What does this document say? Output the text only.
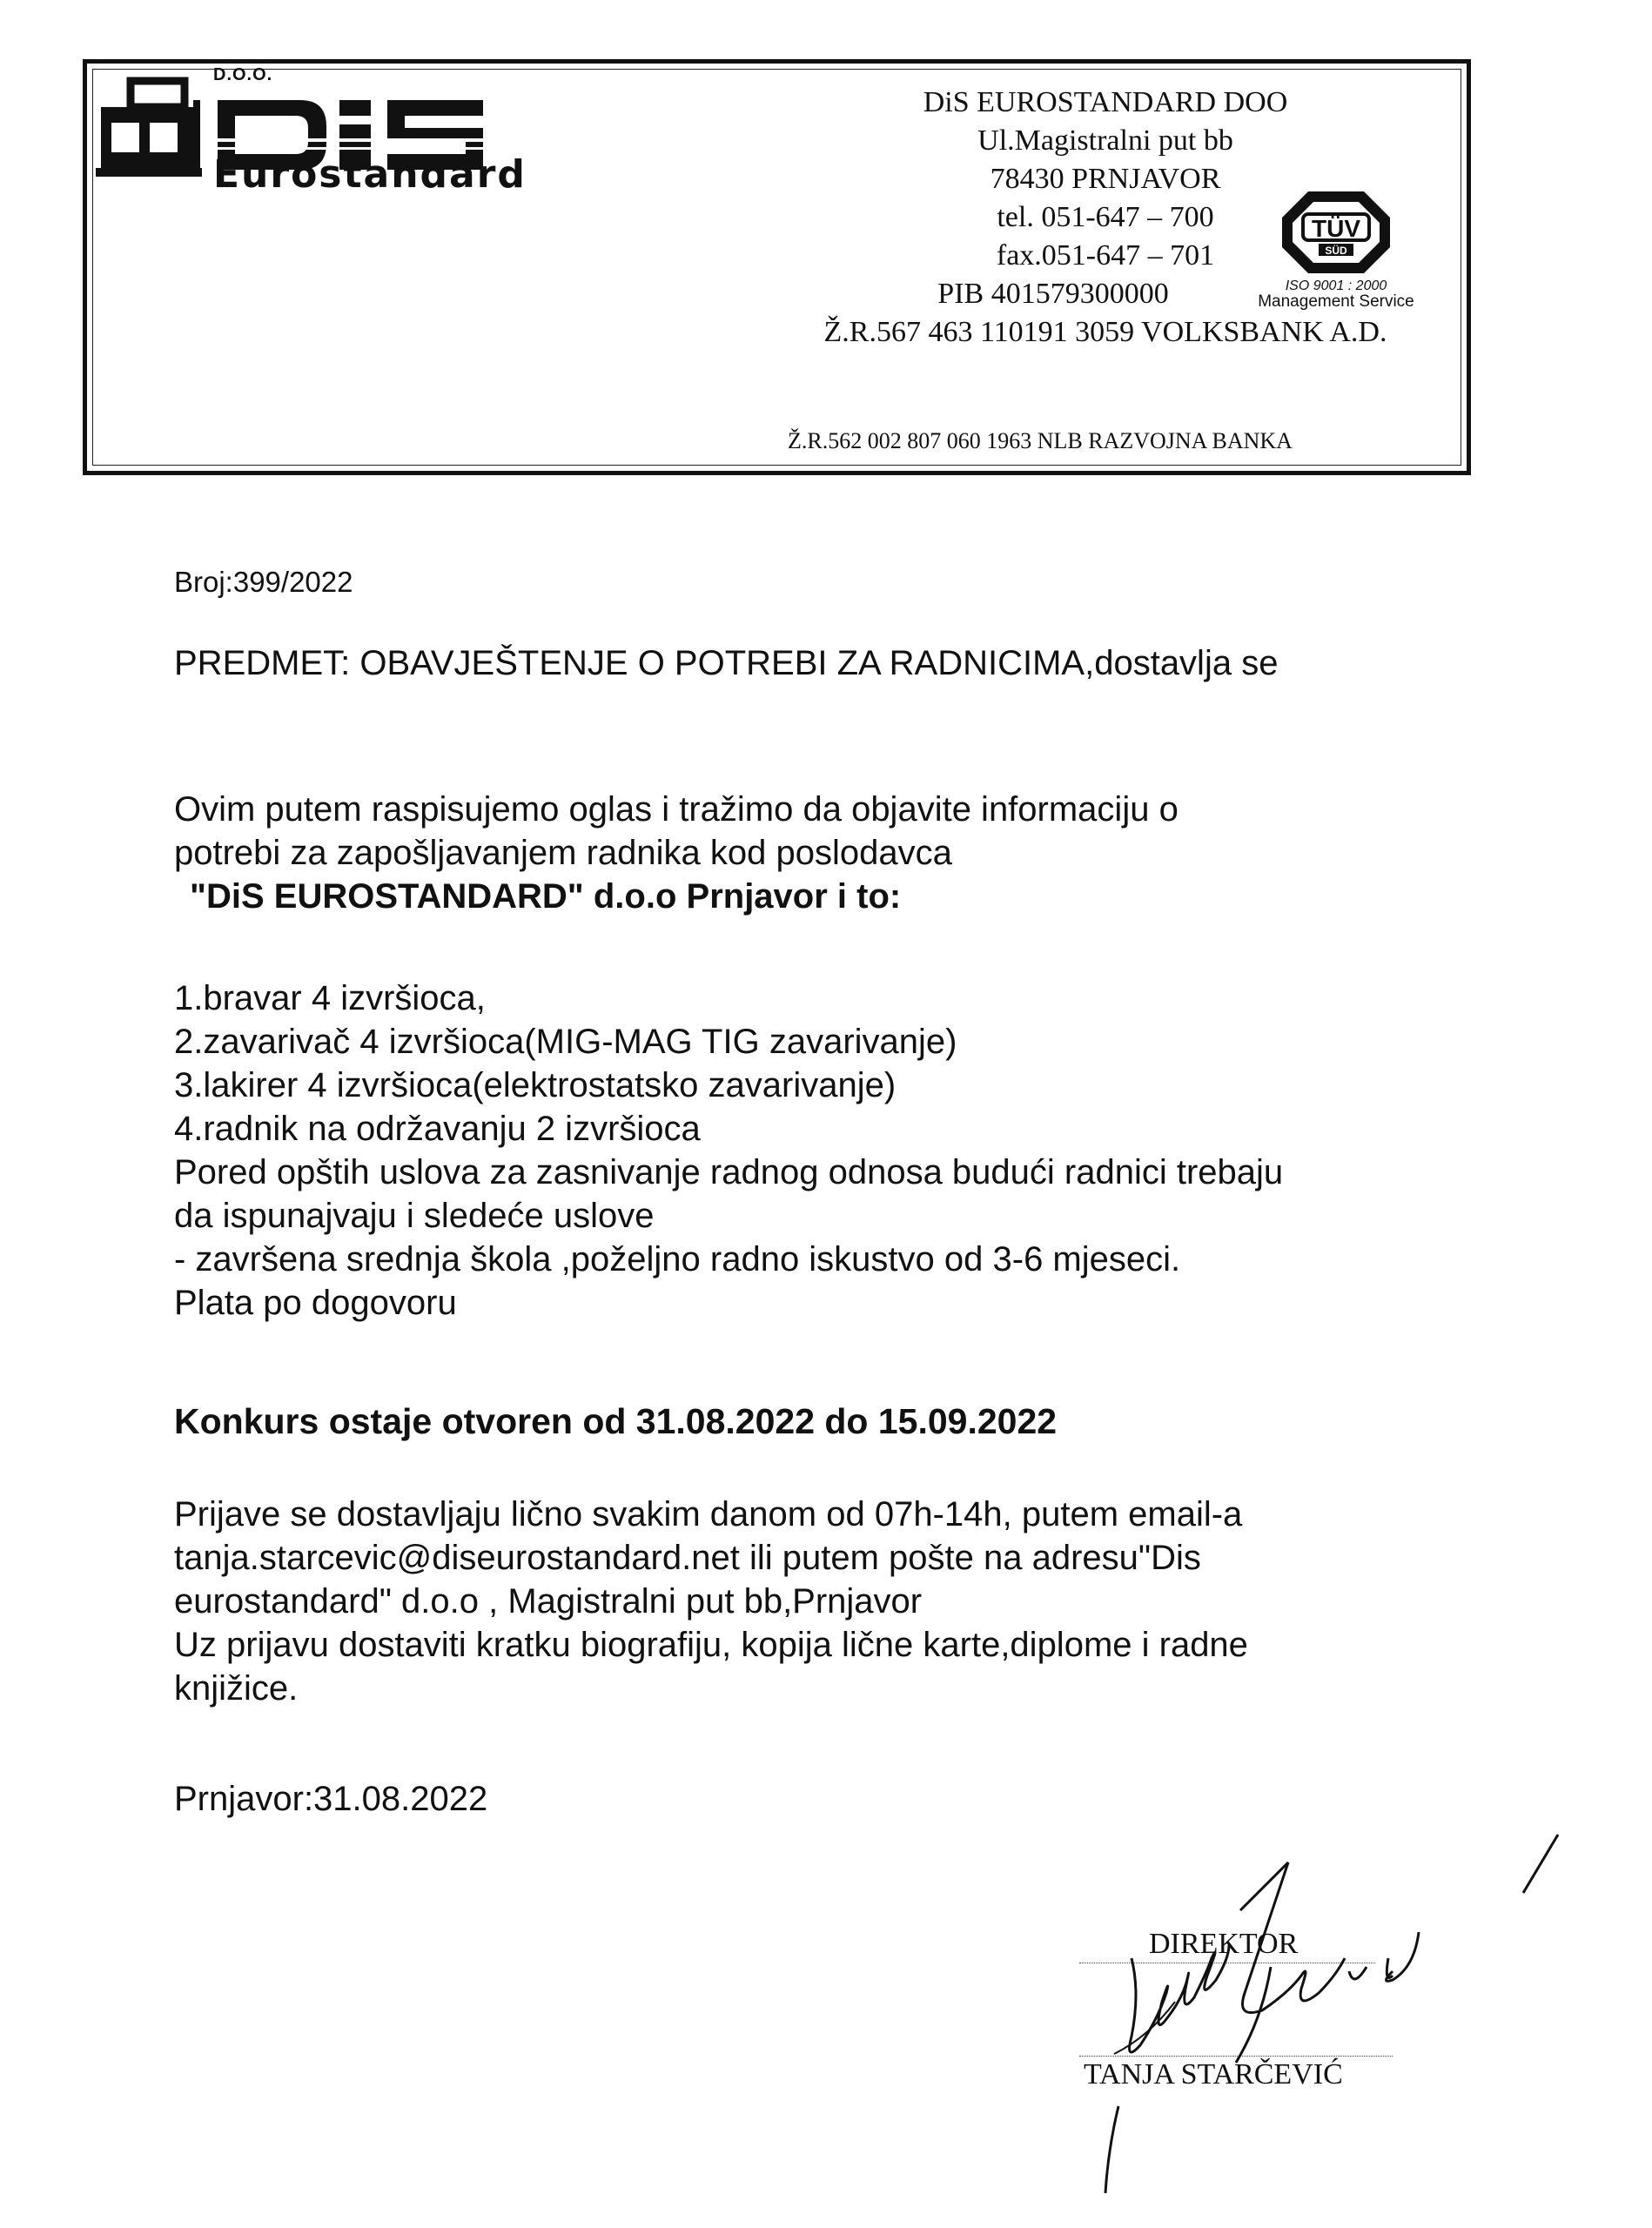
D.O.O.
Eurostandard
DiS EUROSTANDARD DOO
Ul.Magistralni put bb
78430 PRNJAVOR
tel. 051-647 – 700
fax.051-647 – 701
PIB 401579300000
Ž.R.567 463 110191 3059 VOLKSBANK A.D.
Ž.R.562 002 807 060 1963 NLB RAZVOJNA BANKA
TÜV
SÜD
ISO 9001 : 2000
Management Service
Broj:399/2022
PREDMET: OBAVJEŠTENJE O POTREBI ZA RADNICIMA,dostavlja se
Ovim putem raspisujemo oglas i tražimo da objavite informaciju o
potrebi za zapošljavanjem radnika kod poslodavca
"DiS EUROSTANDARD" d.o.o Prnjavor i to:
1.bravar 4 izvršioca,
2.zavarivač 4 izvršioca(MIG-MAG TIG zavarivanje)
3.lakirer 4 izvršioca(elektrostatsko zavarivanje)
4.radnik na održavanju 2 izvršioca
Pored opštih uslova za zasnivanje radnog odnosa budući radnici trebaju
da ispunajvaju i sledeće uslove
- završena srednja škola ,poželjno radno iskustvo od 3-6 mjeseci.
Plata po dogovoru
Konkurs ostaje otvoren od 31.08.2022 do 15.09.2022
Prijave se dostavljaju lično svakim danom od 07h-14h, putem email-a
tanja.starcevic@diseurostandard.net ili putem pošte na adresu"Dis
eurostandard" d.o.o , Magistralni put bb,Prnjavor
Uz prijavu dostaviti kratku biografiju, kopija lične karte,diplome i radne
knjižice.
Prnjavor:31.08.2022
DIREKTOR
TANJA STARČEVIĆ
